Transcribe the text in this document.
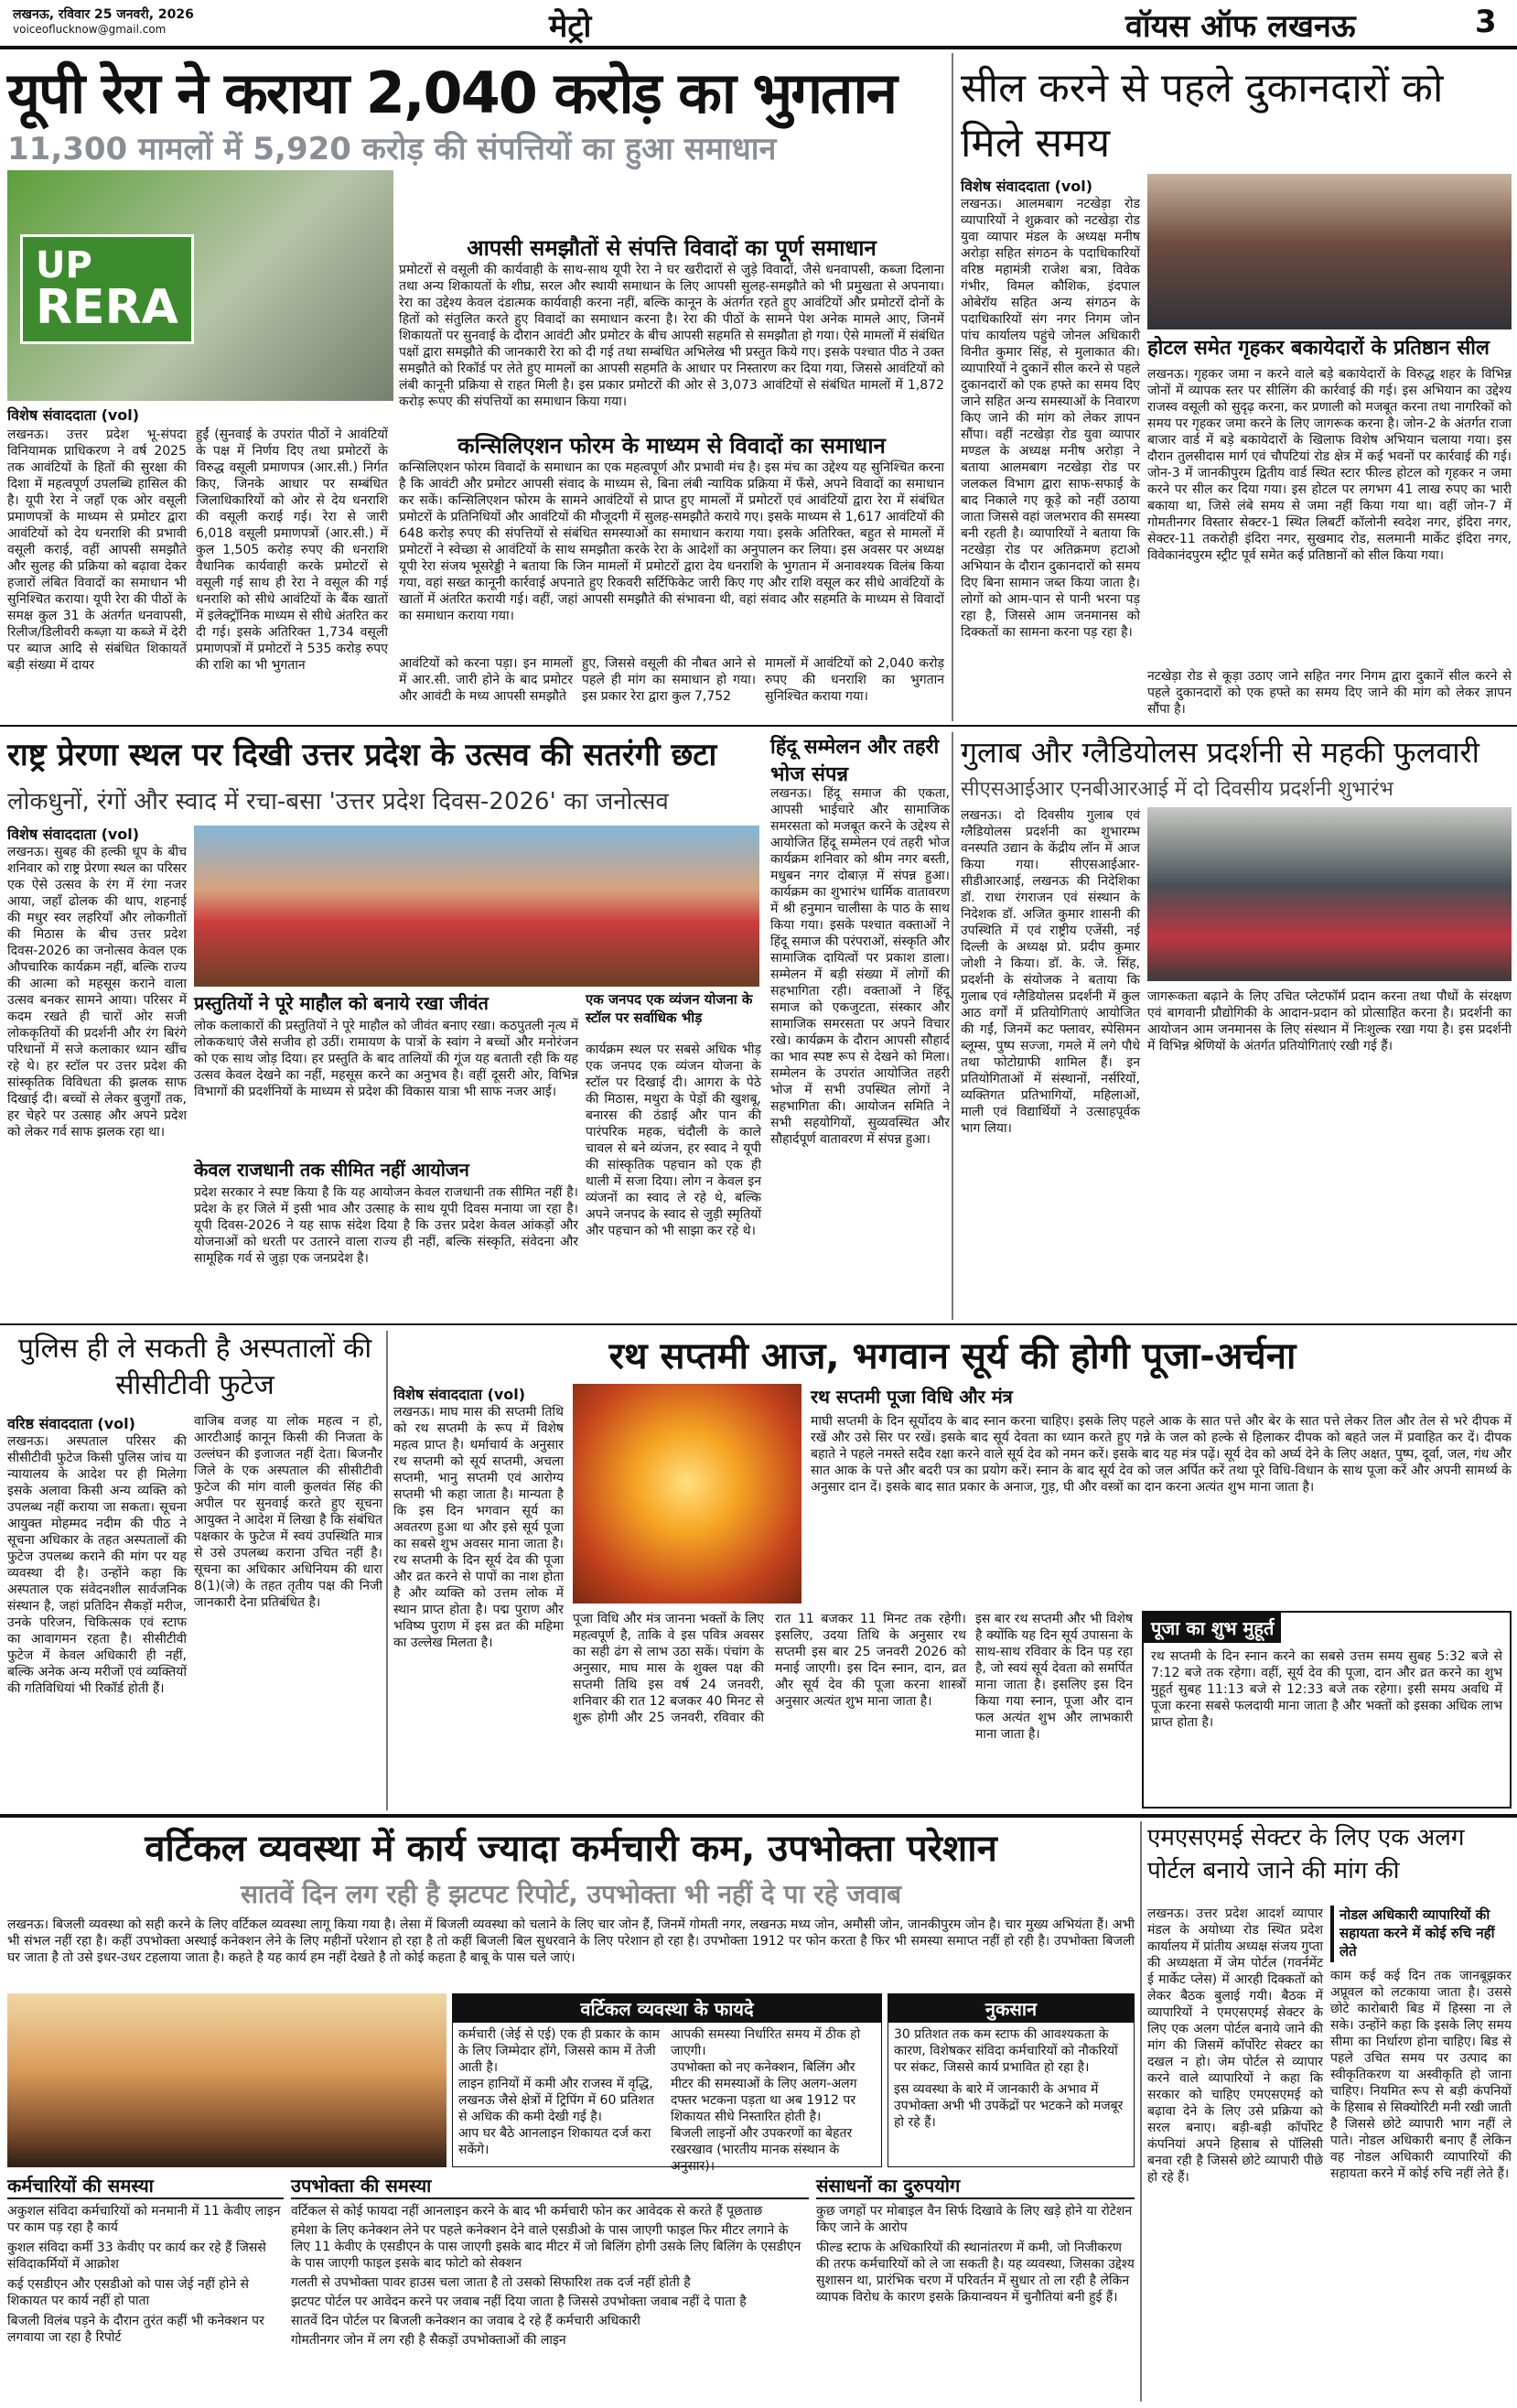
लखनऊ, रविवार 25 जनवरी, 2026
voiceoflucknow@gmail.com	मेट्रो	वॉयस ऑफ लखनऊ	3
यूपी रेरा ने कराया 2,040 करोड़ का भुगतान
11,300 मामलों में 5,920 करोड़ की संपत्तियों का हुआ समाधान
UP
RERA
विशेष संवाददाता (vol)
लखनऊ। उत्तर प्रदेश भू-संपदा विनियामक प्राधिकरण ने वर्ष 2025 तक आवंटियों के हितों की सुरक्षा की दिशा में महत्वपूर्ण उपलब्धि हासिल की है। यूपी रेरा ने जहाँ एक ओर वसूली प्रमाणपत्रों के माध्यम से प्रमोटर द्वारा आवंटियों को देय धनराशि की प्रभावी वसूली कराई, वहीं आपसी समझौते और सुलह की प्रक्रिया को बढ़ावा देकर हजारों लंबित विवादों का समाधान भी सुनिश्चित कराया। यूपी रेरा की पीठों के समक्ष कुल 31 के अंतर्गत धनवापसी, रिलीज/डिलीवरी कब्ज़ा या कब्जे में देरी पर ब्याज आदि से संबंधित शिकायतें बड़ी संख्या में दायर
हुईं (सुनवाई के उपरांत पीठों ने आवंटियों के पक्ष में निर्णय दिए तथा प्रमोटरों के विरुद्ध वसूली प्रमाणपत्र (आर.सी.) निर्गत किए, जिनके आधार पर सम्बंधित जिलाधिकारियों को ओर से देय धनराशि की वसूली कराई गई। रेरा से जारी 6,018 वसूली प्रमाणपत्रों (आर.सी.) में कुल 1,505 करोड़ रुपए की धनराशि वैधानिक कार्यवाही करके प्रमोटरों से वसूली गई साथ ही रेरा ने वसूल की गई धनराशि को सीधे आवंटियों के बैंक खातों में इलेक्ट्रॉनिक माध्यम से सीधे अंतरित कर दी गई। इसके अतिरिक्त 1,734 वसूली प्रमाणपत्रों में प्रमोटरों ने 535 करोड़ रुपए की राशि का भी भुगतान
आपसी समझौतों से संपत्ति विवादों का पूर्ण समाधान
प्रमोटरों से वसूली की कार्यवाही के साथ-साथ यूपी रेरा ने घर खरीदारों से जुड़े विवादों, जैसे धनवापसी, कब्जा दिलाना तथा अन्य शिकायतों के शीघ्र, सरल और स्थायी समाधान के लिए आपसी सुलह-समझौते को भी प्रमुखता से अपनाया। रेरा का उद्देश्य केवल दंडात्मक कार्यवाही करना नहीं, बल्कि कानून के अंतर्गत रहते हुए आवंटियों और प्रमोटरों दोनों के हितों को संतुलित करते हुए विवादों का समाधान करना है। रेरा की पीठों के सामने पेश अनेक मामले आए, जिनमें शिकायतों पर सुनवाई के दौरान आवंटी और प्रमोटर के बीच आपसी सहमति से समझौता हो गया। ऐसे मामलों में संबंधित पक्षों द्वारा समझौते की जानकारी रेरा को दी गई तथा सम्बंधित अभिलेख भी प्रस्तुत किये गए। इसके पश्चात पीठ ने उक्त समझौते को रिकॉर्ड पर लेते हुए मामलों का आपसी सहमति के आधार पर निस्तारण कर दिया गया, जिससे आवंटियों को लंबी कानूनी प्रक्रिया से राहत मिली है। इस प्रकार प्रमोटरों की ओर से 3,073 आवंटियों से संबंधित मामलों में 1,872 करोड़ रूपए की संपत्तियों का समाधान किया गया।
कन्सिलिएशन फोरम के माध्यम से विवादों का समाधान
कन्सिलिएशन फोरम विवादों के समाधान का एक महत्वपूर्ण और प्रभावी मंच है। इस मंच का उद्देश्य यह सुनिश्चित करना है कि आवंटी और प्रमोटर आपसी संवाद के माध्यम से, बिना लंबी न्यायिक प्रक्रिया में फँसे, अपने विवादों का समाधान कर सकें। कन्सिलिएशन फोरम के सामने आवंटियों से प्राप्त हुए मामलों में प्रमोटरों एवं आवंटियों द्वारा रेरा में संबंधित प्रमोटरों के प्रतिनिधियों और आवंटियों की मौजूदगी में सुलह-समझौते कराये गए। इसके माध्यम से 1,617 आवंटियों की 648 करोड़ रुपए की संपत्तियों से संबंधित समस्याओं का समाधान कराया गया। इसके अतिरिक्त, बहुत से मामलों में प्रमोटरों ने स्वेच्छा से आवंटियों के साथ समझौता करके रेरा के आदेशों का अनुपालन कर लिया। इस अवसर पर अध्यक्ष यूपी रेरा संजय भूसरेड्डी ने बताया कि जिन मामलों में प्रमोटरों द्वारा देय धनराशि के भुगतान में अनावश्यक विलंब किया गया, वहां सख्त कानूनी कार्रवाई अपनाते हुए रिकवरी सर्टिफिकेट जारी किए गए और राशि वसूल कर सीधे आवंटियों के खातों में अंतरित करायी गई। वहीं, जहां आपसी समझौते की संभावना थी, वहां संवाद और सहमति के माध्यम से विवादों का समाधान कराया गया।
आवंटियों को करना पड़ा। इन मामलों में आर.सी. जारी होने के बाद प्रमोटर और आवंटी के मध्य आपसी समझौते
हुए, जिससे वसूली की नौबत आने से पहले ही मांग का समाधान हो गया। इस प्रकार रेरा द्वारा कुल 7,752
मामलों में आवंटियों को 2,040 करोड़ रुपए की धनराशि का भुगतान सुनिश्चित कराया गया।
सील करने से पहले दुकानदारों को मिले समय
विशेष संवाददाता (vol)
लखनऊ। आलमबाग नटखेड़ा रोड व्यापारियों ने शुक्रवार को नटखेड़ा रोड युवा व्यापार मंडल के अध्यक्ष मनीष अरोड़ा सहित संगठन के पदाधिकारियों वरिष्ठ महामंत्री राजेश बत्रा, विवेक गंभीर, विमल कौशिक, इंदपाल ओबेरॉय सहित अन्य संगठन के पदाधिकारियों संग नगर निगम जोन पांच कार्यालय पहुंचे जोनल अधिकारी विनीत कुमार सिंह, से मुलाकात की। व्यापारियों ने दुकानें सील करने से पहले दुकानदारों को एक हफ्ते का समय दिए जाने सहित अन्य समस्याओं के निवारण किए जाने की मांग को लेकर ज्ञापन सौंपा। वहीं नटखेड़ा रोड युवा व्यापार मण्डल के अध्यक्ष मनीष अरोड़ा ने बताया आलमबाग नटखेड़ा रोड पर जलकल विभाग द्वारा साफ-सफाई के बाद निकाले गए कूड़े को नहीं उठाया जाता जिससे वहां जलभराव की समस्या बनी रहती है। व्यापारियों ने बताया कि नटखेड़ा रोड पर अतिक्रमण हटाओ अभियान के दौरान दुकानदारों को समय दिए बिना सामान जब्त किया जाता है। लोगों को आम-पान से पानी भरना पड़ रहा है, जिससे आम जनमानस को दिक्कतों का सामना करना पड़ रहा है।
होटल समेत गृहकर बकायेदारों के प्रतिष्ठान सील
लखनऊ। गृहकर जमा न करने वाले बड़े बकायेदारों के विरुद्ध शहर के विभिन्न जोनों में व्यापक स्तर पर सीलिंग की कार्रवाई की गई। इस अभियान का उद्देश्य राजस्व वसूली को सुदृढ़ करना, कर प्रणाली को मजबूत करना तथा नागरिकों को समय पर गृहकर जमा करने के लिए जागरूक करना है। जोन-2 के अंतर्गत राजा बाजार वार्ड में बड़े बकायेदारों के खिलाफ विशेष अभियान चलाया गया। इस दौरान तुलसीदास मार्ग एवं चौपटियां रोड क्षेत्र में कई भवनों पर कार्रवाई की गई। जोन-3 में जानकीपुरम द्वितीय वार्ड स्थित स्टार फील्ड होटल को गृहकर न जमा करने पर सील कर दिया गया। इस होटल पर लगभग 41 लाख रुपए का भारी बकाया था, जिसे लंबे समय से जमा नहीं किया गया था। वहीं जोन-7 में गोमतीनगर विस्तार सेक्टर-1 स्थित लिबर्टी कॉलोनी स्वदेश नगर, इंदिरा नगर, सेक्टर-11 तकरोही इंदिरा नगर, सुखमाद रोड, सलमानी मार्केट इंदिरा नगर, विवेकानंदपुरम स्ट्रीट पूर्व समेत कई प्रतिष्ठानों को सील किया गया।
नटखेड़ा रोड से कूड़ा उठाए जाने सहित नगर निगम द्वारा दुकानें सील करने से पहले दुकानदारों को एक हफ्ते का समय दिए जाने की मांग को लेकर ज्ञापन सौंपा है।
राष्ट्र प्रेरणा स्थल पर दिखी उत्तर प्रदेश के उत्सव की सतरंगी छटा
लोकधुनों, रंगों और स्वाद में रचा-बसा 'उत्तर प्रदेश दिवस-2026' का जनोत्सव
विशेष संवाददाता (vol)
लखनऊ। सुबह की हल्की धूप के बीच शनिवार को राष्ट्र प्रेरणा स्थल का परिसर एक ऐसे उत्सव के रंग में रंगा नजर आया, जहाँ ढोलक की थाप, शहनाई की मधुर स्वर लहरियाँ और लोकगीतों की मिठास के बीच उत्तर प्रदेश दिवस-2026 का जनोत्सव केवल एक औपचारिक कार्यक्रम नहीं, बल्कि राज्य की आत्मा को महसूस कराने वाला उत्सव बनकर सामने आया। परिसर में कदम रखते ही चारों ओर सजी लोककृतियों की प्रदर्शनी और रंग बिरंगे परिधानों में सजे कलाकार ध्यान खींच रहे थे। हर स्टॉल पर उत्तर प्रदेश की सांस्कृतिक विविधता की झलक साफ दिखाई दी। बच्चों से लेकर बुजुर्गों तक, हर चेहरे पर उत्साह और अपने प्रदेश को लेकर गर्व साफ झलक रहा था।
प्रस्तुतियों ने पूरे माहौल को बनाये रखा जीवंत
लोक कलाकारों की प्रस्तुतियों ने पूरे माहौल को जीवंत बनाए रखा। कठपुतली नृत्य में लोककथाएं जैसे सजीव हो उठीं। रामायण के पात्रों के स्वांग ने बच्चों और मनोरंजन को एक साथ जोड़ दिया। हर प्रस्तुति के बाद तालियों की गूंज यह बताती रही कि यह उत्सव केवल देखने का नहीं, महसूस करने का अनुभव है। वहीं दूसरी ओर, विभिन्न विभागों की प्रदर्शनियों के माध्यम से प्रदेश की विकास यात्रा भी साफ नजर आई।
केवल राजधानी तक सीमित नहीं आयोजन
प्रदेश सरकार ने स्पष्ट किया है कि यह आयोजन केवल राजधानी तक सीमित नहीं है। प्रदेश के हर जिले में इसी भाव और उत्साह के साथ यूपी दिवस मनाया जा रहा है। यूपी दिवस-2026 ने यह साफ संदेश दिया है कि उत्तर प्रदेश केवल आंकड़ों और योजनाओं को धरती पर उतारने वाला राज्य ही नहीं, बल्कि संस्कृति, संवेदना और सामूहिक गर्व से जुड़ा एक जनप्रदेश है।
एक जनपद एक व्यंजन योजना के स्टॉल पर सर्वाधिक भीड़
कार्यक्रम स्थल पर सबसे अधिक भीड़ एक जनपद एक व्यंजन योजना के स्टॉल पर दिखाई दी। आगरा के पेठे की मिठास, मथुरा के पेड़ों की खुशबू, बनारस की ठंडाई और पान की पारंपरिक महक, चंदौली के काले चावल से बने व्यंजन, हर स्वाद ने यूपी की सांस्कृतिक पहचान को एक ही थाली में सजा दिया। लोग न केवल इन व्यंजनों का स्वाद ले रहे थे, बल्कि अपने जनपद के स्वाद से जुड़ी स्मृतियों और पहचान को भी साझा कर रहे थे।
हिंदू सम्मेलन और तहरी भोज संपन्न
लखनऊ। हिंदू समाज की एकता, आपसी भाईचारे और सामाजिक समरसता को मजबूत करने के उद्देश्य से आयोजित हिंदू सम्मेलन एवं तहरी भोज कार्यक्रम शनिवार को श्रीम नगर बस्ती, मधुबन नगर दोबाज़ में संपन्न हुआ। कार्यक्रम का शुभारंभ धार्मिक वातावरण में श्री हनुमान चालीसा के पाठ के साथ किया गया। इसके पश्चात वक्ताओं ने हिंदू समाज की परंपराओं, संस्कृति और सामाजिक दायित्वों पर प्रकाश डाला। सम्मेलन में बड़ी संख्या में लोगों की सहभागिता रही। वक्ताओं ने हिंदू समाज को एकजुटता, संस्कार और सामाजिक समरसता पर अपने विचार रखे। कार्यक्रम के दौरान आपसी सौहार्द का भाव स्पष्ट रूप से देखने को मिला। सम्मेलन के उपरांत आयोजित तहरी भोज में सभी उपस्थित लोगों ने सहभागिता की। आयोजन समिति ने सभी सहयोगियों, सुव्यवस्थित और सौहार्दपूर्ण वातावरण में संपन्न हुआ।
गुलाब और ग्लैडियोलस प्रदर्शनी से महकी फुलवारी
सीएसआईआर एनबीआरआई में दो दिवसीय प्रदर्शनी शुभारंभ
लखनऊ। दो दिवसीय गुलाब एवं ग्लैडियोलस प्रदर्शनी का शुभारम्भ वनस्पति उद्यान के केंद्रीय लॉन में आज किया गया। सीएसआईआर-सीडीआरआई, लखनऊ की निदेशिका डॉ. राधा रंगराजन एवं संस्थान के निदेशक डॉ. अजित कुमार शासनी की उपस्थिति में एवं राष्ट्रीय एजेंसी, नई दिल्ली के अध्यक्ष प्रो. प्रदीप कुमार जोशी ने किया। डॉ. के. जे. सिंह, प्रदर्शनी के संयोजक ने बताया कि गुलाब एवं ग्लैडियोलस प्रदर्शनी में कुल आठ वर्गों में प्रतियोगिताएं आयोजित की गईं, जिनमें कट फ्लावर, स्पेसिमन ब्लूम्स, पुष्प सज्जा, गमले में लगे पौधे तथा फोटोग्राफी शामिल हैं। इन प्रतियोगिताओं में संस्थानों, नर्सरियों, व्यक्तिगत प्रतिभागियों, महिलाओं, माली एवं विद्यार्थियों ने उत्साहपूर्वक भाग लिया।
जागरूकता बढ़ाने के लिए उचित प्लेटफॉर्म प्रदान करना तथा पौधों के संरक्षण एवं बागवानी प्रौद्योगिकी के आदान-प्रदान को प्रोत्साहित करना है। प्रदर्शनी का आयोजन आम जनमानस के लिए संस्थान में निःशुल्क रखा गया है। इस प्रदर्शनी में विभिन्न श्रेणियों के अंतर्गत प्रतियोगिताएं रखी गई हैं।
पुलिस ही ले सकती है अस्पतालों की सीसीटीवी फुटेज
वरिष्ठ संवाददाता (vol)
लखनऊ। अस्पताल परिसर की सीसीटीवी फुटेज किसी पुलिस जांच या न्यायालय के आदेश पर ही मिलेगा इसके अलावा किसी अन्य व्यक्ति को उपलब्ध नहीं कराया जा सकता। सूचना आयुक्त मोहम्मद नदीम की पीठ ने सूचना अधिकार के तहत अस्पतालों की फुटेज उपलब्ध कराने की मांग पर यह व्यवस्था दी है। उन्होंने कहा कि अस्पताल एक संवेदनशील सार्वजनिक संस्थान है, जहां प्रतिदिन सैकड़ों मरीज, उनके परिजन, चिकित्सक एवं स्टाफ का आवागमन रहता है। सीसीटीवी फुटेज में केवल अधिकारी ही नहीं, बल्कि अनेक अन्य मरीजों एवं व्यक्तियों की गतिविधियां भी रिकॉर्ड होती हैं।
वाजिब वजह या लोक महत्व न हो, आरटीआई कानून किसी की निजता के उल्लंघन की इजाजत नहीं देता। बिजनौर जिले के एक अस्पताल की सीसीटीवी फुटेज की मांग वाली कुलवंत सिंह की अपील पर सुनवाई करते हुए सूचना आयुक्त ने आदेश में लिखा है कि संबंधित पक्षकार के फुटेज में स्वयं उपस्थिति मात्र से उसे उपलब्ध कराना उचित नहीं है। सूचना का अधिकार अधिनियम की धारा 8(1)(जे) के तहत तृतीय पक्ष की निजी जानकारी देना प्रतिबंधित है।
रथ सप्तमी आज, भगवान सूर्य की होगी पूजा-अर्चना
विशेष संवाददाता (vol)
लखनऊ। माघ मास की सप्तमी तिथि को रथ सप्तमी के रूप में विशेष महत्व प्राप्त है। धर्माचार्य के अनुसार रथ सप्तमी को सूर्य सप्तमी, अचला सप्तमी, भानु सप्तमी एवं आरोग्य सप्तमी भी कहा जाता है। मान्यता है कि इस दिन भगवान सूर्य का अवतरण हुआ था और इसे सूर्य पूजा का सबसे शुभ अवसर माना जाता है। रथ सप्तमी के दिन सूर्य देव की पूजा और व्रत करने से पापों का नाश होता है और व्यक्ति को उत्तम लोक में स्थान प्राप्त होता है। पद्म पुराण और भविष्य पुराण में इस व्रत की महिमा का उल्लेख मिलता है।
रथ सप्तमी पूजा विधि और मंत्र
माघी सप्तमी के दिन सूर्योदय के बाद स्नान करना चाहिए। इसके लिए पहले आक के सात पत्ते और बेर के सात पत्ते लेकर तिल और तेल से भरे दीपक में रखें और उसे सिर पर रखें। इसके बाद सूर्य देवता का ध्यान करते हुए गन्ने के जल को हल्के से हिलाकर दीपक को बहते जल में प्रवाहित कर दें। दीपक बहाते ने पहले नमस्ते सदैव रक्षा करने वाले सूर्य देव को नमन करें। इसके बाद यह मंत्र पढ़ें। सूर्य देव को अर्घ्य देने के लिए अक्षत, पुष्प, दूर्वा, जल, गंध और सात आक के पत्ते और बदरी पत्र का प्रयोग करें। स्नान के बाद सूर्य देव को जल अर्पित करें तथा पूरे विधि-विधान के साथ पूजा करें और अपनी सामर्थ्य के अनुसार दान दें। इसके बाद सात प्रकार के अनाज, गुड़, घी और वस्त्रों का दान करना अत्यंत शुभ माना जाता है।
पूजा विधि और मंत्र जानना भक्तों के लिए महत्वपूर्ण है, ताकि वे इस पवित्र अवसर का सही ढंग से लाभ उठा सकें। पंचांग के अनुसार, माघ मास के शुक्ल पक्ष की सप्तमी तिथि इस वर्ष 24 जनवरी, शनिवार की रात 12 बजकर 40 मिनट से शुरू होगी और 25 जनवरी, रविवार की रात 11 बजकर 11 मिनट तक रहेगी। इसलिए, उदया तिथि के अनुसार रथ सप्तमी इस बार 25 जनवरी 2026 को मनाई जाएगी। इस दिन स्नान, दान, व्रत और सूर्य देव की पूजा करना शास्त्रों अनुसार अत्यंत शुभ माना जाता है।
इस बार रथ सप्तमी और भी विशेष है क्योंकि यह दिन सूर्य उपासना के साथ-साथ रविवार के दिन पड़ रहा है, जो स्वयं सूर्य देवता को समर्पित माना जाता है। इसलिए इस दिन किया गया स्नान, पूजा और दान फल अत्यंत शुभ और लाभकारी माना जाता है।
पूजा का शुभ मुहूर्त
रथ सप्तमी के दिन स्नान करने का सबसे उत्तम समय सुबह 5:32 बजे से 7:12 बजे तक रहेगा। वहीं, सूर्य देव की पूजा, दान और व्रत करने का शुभ मुहूर्त सुबह 11:13 बजे से 12:33 बजे तक रहेगा। इसी समय अवधि में पूजा करना सबसे फलदायी माना जाता है और भक्तों को इसका अधिक लाभ प्राप्त होता है।
वर्टिकल व्यवस्था में कार्य ज्यादा कर्मचारी कम, उपभोक्ता परेशान
सातवें दिन लग रही है झटपट रिपोर्ट, उपभोक्ता भी नहीं दे पा रहे जवाब
लखनऊ। बिजली व्यवस्था को सही करने के लिए वर्टिकल व्यवस्था लागू किया गया है। लेसा में बिजली व्यवस्था को चलाने के लिए चार जोन हैं, जिनमें गोमती नगर, लखनऊ मध्य जोन, अमौसी जोन, जानकीपुरम जोन है। चार मुख्य अभियंता हैं। अभी भी संभल नहीं रहा है। कहीं उपभोक्ता अस्थाई कनेक्शन लेने के लिए महीनों परेशान हो रहा है तो कहीं बिजली बिल सुधरवाने के लिए परेशान हो रहा है। उपभोक्ता 1912 पर फोन करता है फिर भी समस्या समाप्त नहीं हो रही है। उपभोक्ता बिजली घर जाता है तो उसे इधर-उधर टहलाया जाता है। कहते है यह कार्य हम नहीं देखते है तो कोई कहता है बाबू के पास चले जाएं।
वर्टिकल व्यवस्था के फायदे
कर्मचारी (जेई से एई) एक ही प्रकार के काम के लिए जिम्मेदार होंगे, जिससे काम में तेजी आती है।
लाइन हानियों में कमी और राजस्व में वृद्धि, लखनऊ जैसे क्षेत्रों में ट्रिपिंग में 60 प्रतिशत से अधिक की कमी देखी गई है।
आप घर बैठे आनलाइन शिकायत दर्ज करा सकेंगे।
आपकी समस्या निर्धारित समय में ठीक हो जाएगी।
उपभोक्ता को नए कनेक्शन, बिलिंग और मीटर की समस्याओं के लिए अलग-अलग दफ्तर भटकना पड़ता था अब 1912 पर शिकायत सीधे निस्तारित होती है।
बिजली लाइनों और उपकरणों का बेहतर रखरखाव (भारतीय मानक संस्थान के अनुसार)।
नुकसान
30 प्रतिशत तक कम स्टाफ की आवश्यकता के कारण, विशेषकर संविदा कर्मचारियों को नौकरियों पर संकट, जिससे कार्य प्रभावित हो रहा है।
इस व्यवस्था के बारे में जानकारी के अभाव में उपभोक्ता अभी भी उपकेंद्रों पर भटकने को मजबूर हो रहे हैं।
कर्मचारियों की समस्या
अकुशल संविदा कर्मचारियों को मनमानी में 11 केवीए लाइन पर काम पड़ रहा है कार्य
कुशल संविदा कर्मी 33 केवीए पर कार्य कर रहे हैं जिससे संविदाकर्मियों में आक्रोश
कई एसडीएन और एसडीओ को पास जेई नहीं होने से शिकायत पर कार्य नहीं हो पाता
बिजली विलंब पड़ने के दौरान तुरंत कहीं भी कनेक्शन पर लगवाया जा रहा है रिपोर्ट
उपभोक्ता की समस्या
वर्टिकल से कोई फायदा नहीं आनलाइन करने के बाद भी कर्मचारी फोन कर आवेदक से करते हैं पूछताछ
हमेशा के लिए कनेक्शन लेने पर पहले कनेक्शन देने वाले एसडीओ के पास जाएगी फाइल फिर मीटर लगाने के लिए 11 केवीए के एसडीएन के पास जाएगी इसके बाद मीटर में जो बिलिंग होगी उसके लिए बिलिंग के एसडीएन के पास जाएगी फाइल इसके बाद फोटो को सेक्शन
गलती से उपभोक्ता पावर हाउस चला जाता है तो उसको सिफारिश तक दर्ज नहीं होती है
झटपट पोर्टल पर आवेदन करने पर जवाब नहीं दिया जाता है जिससे उपभोक्ता जवाब नहीं दे पाता है
सातवें दिन पोर्टल पर बिजली कनेक्शन का जवाब दे रहे हैं कर्मचारी अधिकारी
गोमतीनगर जोन में लग रही है सैकड़ों उपभोक्ताओं की लाइन
संसाधनों का दुरुपयोग
कुछ जगहों पर मोबाइल वैन सिर्फ दिखावे के लिए खड़े होने या रोटेशन किए जाने के आरोप
फील्ड स्टाफ के अधिकारियों की स्थानांतरण में कमी, जो निजीकरण की तरफ कर्मचारियों को ले जा सकती है। यह व्यवस्था, जिसका उद्देश्य सुशासन था, प्रारंभिक चरण में परिवर्तन में सुधार तो ला रही है लेकिन व्यापक विरोध के कारण इसके क्रियान्वयन में चुनौतियां बनी हुई हैं।
एमएसएमई सेक्टर के लिए एक अलग पोर्टल बनाये जाने की मांग की
लखनऊ। उत्तर प्रदेश आदर्श व्यापार मंडल के अयोध्या रोड स्थित प्रदेश कार्यालय में प्रांतीय अध्यक्ष संजय गुप्ता की अध्यक्षता में जेम पोर्टल (गवर्नमेंट ई मार्केट प्लेस) में आरही दिक्कतों को लेकर बैठक बुलाई गयी। बैठक में व्यापारियों ने एमएसएमई सेक्टर के लिए एक अलग पोर्टल बनाये जाने की मांग की जिसमें कॉर्पोरेट सेक्टर का दखल न हो। जेम पोर्टल से व्यापार करने वाले व्यापारियों ने कहा कि सरकार को चाहिए एमएसएमई को बढ़ावा देने के लिए उसे प्रक्रिया को सरल बनाए। बड़ी-बड़ी कॉर्पोरेट कंपनियां अपने हिसाब से पॉलिसी बनवा रही है जिससे छोटे व्यापारी पीछे हो रहे हैं।
नोडल अधिकारी व्यापारियों की सहायता करने में कोई रुचि नहीं लेते
काम कई कई दिन तक जानबूझकर अप्रूवल को लटकाया जाता है। उससे छोटे कारोबारी बिड में हिस्सा ना ले सके। उन्होंने कहा कि इसके लिए समय सीमा का निर्धारण होना चाहिए। बिड से पहले उचित समय पर उत्पाद का स्वीकृतिकरण या अस्वीकृति हो जाना चाहिए। नियमित रूप से बड़ी कंपनियों के हिसाब से सिक्योरिटी मनी रखी जाती है जिससे छोटे व्यापारी भाग नहीं ले पाते। नोडल अधिकारी बनाए हैं लेकिन वह नोडल अधिकारी व्यापारियों की सहायता करने में कोई रुचि नहीं लेते हैं।
